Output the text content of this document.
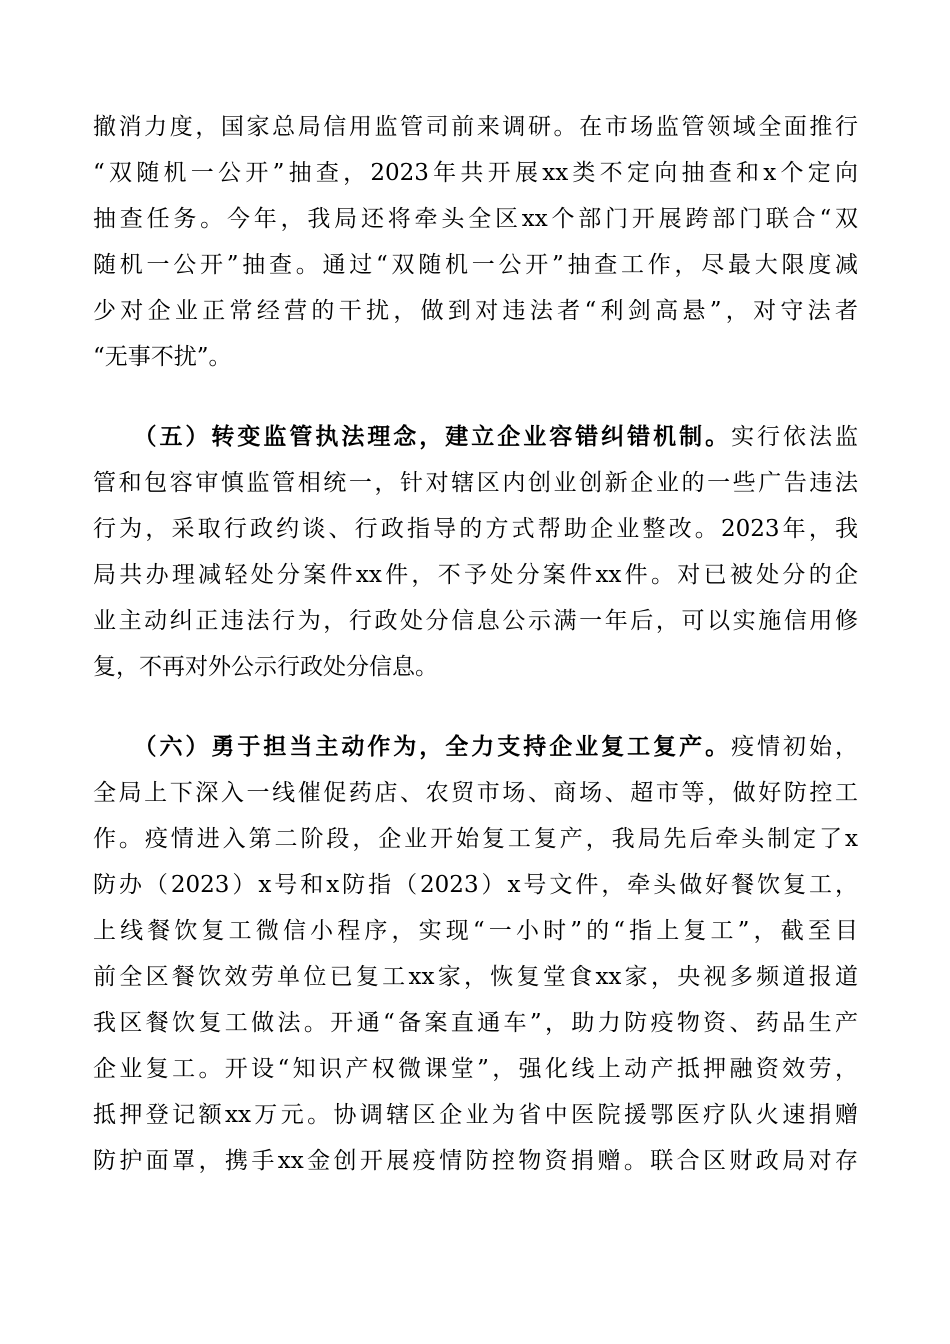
撤消力度，国家总局信用监管司前来调研。在市场监管领域全面推行
“双随机一公开”抽查，2023年共开展xx类不定向抽查和x个定向
抽查任务。今年，我局还将牵头全区xx个部门开展跨部门联合“双
随机一公开”抽查。通过“双随机一公开”抽查工作，尽最大限度减
少对企业正常经营的干扰，做到对违法者“利剑高悬”，对守法者
“无事不扰”。
　　（五）转变监管执法理念，建立企业容错纠错机制。实行依法监
管和包容审慎监管相统一，针对辖区内创业创新企业的一些广告违法
行为，采取行政约谈、行政指导的方式帮助企业整改。2023年，我
局共办理减轻处分案件xx件，不予处分案件xx件。对已被处分的企
业主动纠正违法行为，行政处分信息公示满一年后，可以实施信用修
复，不再对外公示行政处分信息。
　　（六）勇于担当主动作为，全力支持企业复工复产。疫情初始，
全局上下深入一线催促药店、农贸市场、商场、超市等，做好防控工
作。疫情进入第二阶段，企业开始复工复产，我局先后牵头制定了x
防办（2023）x号和x防指（2023）x号文件，牵头做好餐饮复工，
上线餐饮复工微信小程序，实现“一小时”的“指上复工”，截至目
前全区餐饮效劳单位已复工xx家，恢复堂食xx家，央视多频道报道
我区餐饮复工做法。开通“备案直通车”，助力防疫物资、药品生产
企业复工。开设“知识产权微课堂”，强化线上动产抵押融资效劳，
抵押登记额xx万元。协调辖区企业为省中医院援鄂医疗队火速捐赠
防护面罩，携手xx金创开展疫情防控物资捐赠。联合区财政局对存
